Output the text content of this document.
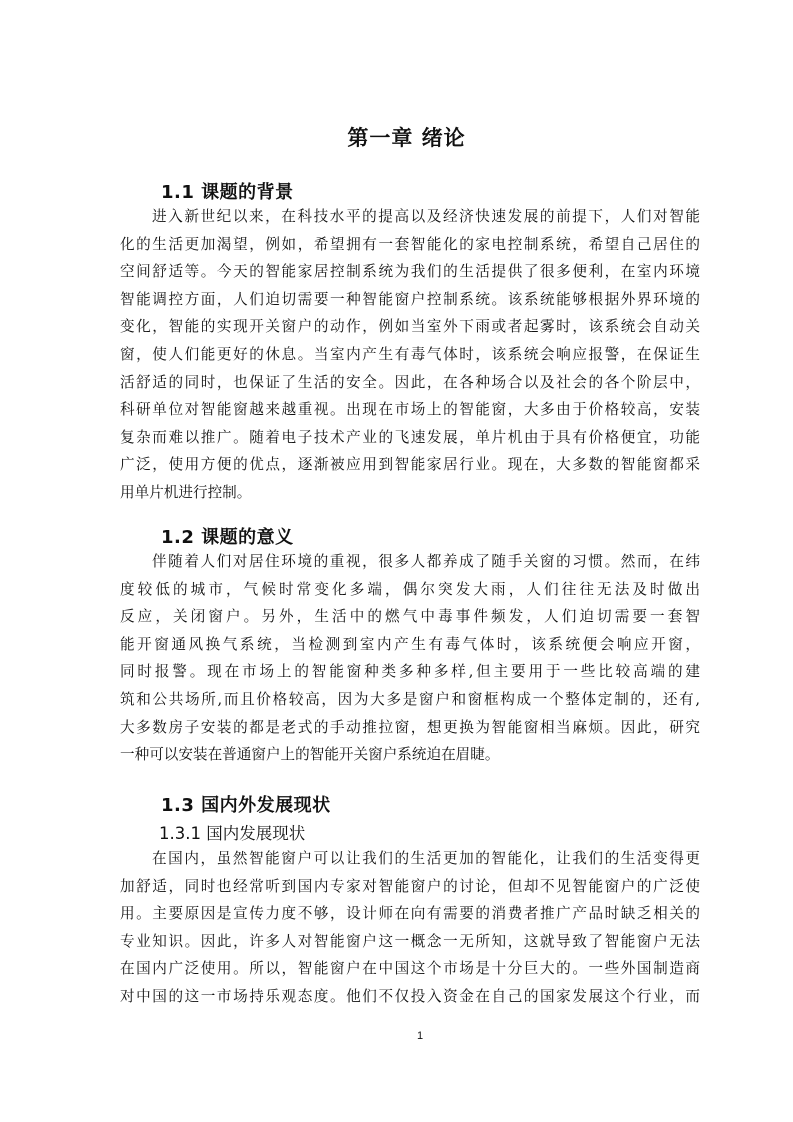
第一章 绪论
1.1 课题的背景
进入新世纪以来，在科技水平的提高以及经济快速发展的前提下，人们对智能
化的生活更加渴望，例如，希望拥有一套智能化的家电控制系统，希望自己居住的
空间舒适等。今天的智能家居控制系统为我们的生活提供了很多便利，在室内环境
智能调控方面，人们迫切需要一种智能窗户控制系统。该系统能够根据外界环境的
变化，智能的实现开关窗户的动作，例如当室外下雨或者起雾时，该系统会自动关
窗，使人们能更好的休息。当室内产生有毒气体时，该系统会响应报警，在保证生
活舒适的同时，也保证了生活的安全。因此，在各种场合以及社会的各个阶层中，
科研单位对智能窗越来越重视。出现在市场上的智能窗，大多由于价格较高，安装
复杂而难以推广。随着电子技术产业的飞速发展，单片机由于具有价格便宜，功能
广泛，使用方便的优点，逐渐被应用到智能家居行业。现在，大多数的智能窗都采
用单片机进行控制。
1.2 课题的意义
伴随着人们对居住环境的重视，很多人都养成了随手关窗的习惯。然而，在纬
度较低的城市，气候时常变化多端，偶尔突发大雨，人们往往无法及时做出
反应，关闭窗户。另外，生活中的燃气中毒事件频发，人们迫切需要一套智
能开窗通风换气系统，当检测到室内产生有毒气体时，该系统便会响应开窗，
同时报警。现在市场上的智能窗种类多种多样,但主要用于一些比较高端的建
筑和公共场所,而且价格较高，因为大多是窗户和窗框构成一个整体定制的，还有,
大多数房子安装的都是老式的手动推拉窗，想更换为智能窗相当麻烦。因此，研究
一种可以安装在普通窗户上的智能开关窗户系统迫在眉睫。
1.3 国内外发展现状
1.3.1 国内发展现状
在国内，虽然智能窗户可以让我们的生活更加的智能化，让我们的生活变得更
加舒适，同时也经常听到国内专家对智能窗户的讨论，但却不见智能窗户的广泛使
用。主要原因是宣传力度不够，设计师在向有需要的消费者推广产品时缺乏相关的
专业知识。因此，许多人对智能窗户这一概念一无所知，这就导致了智能窗户无法
在国内广泛使用。所以，智能窗户在中国这个市场是十分巨大的。一些外国制造商
对中国的这一市场持乐观态度。他们不仅投入资金在自己的国家发展这个行业，而
1
